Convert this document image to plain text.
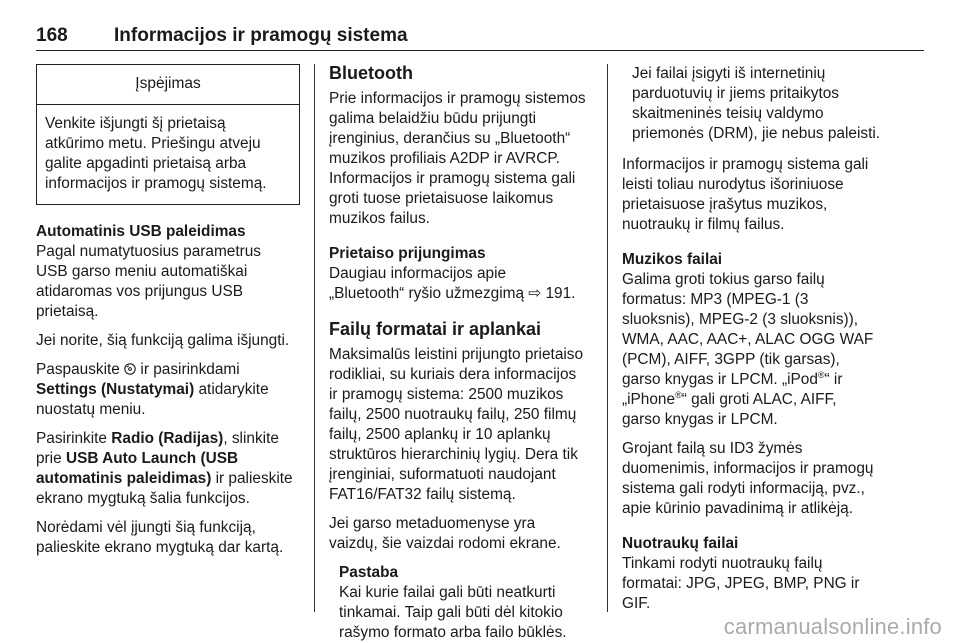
168 Informacijos ir pramogų sistema
Įspėjimas
Venkite išjungti šį prietaisą
atkūrimo metu. Priešingu atveju
galite apgadinti prietaisą arba
informacijos ir pramogų sistemą.
Automatinis USB paleidimas

Pagal numatytuosius parametrus
USB garso meniu automatiškai
atidaromas vos prijungus USB
prietaisą.

Jei norite, šią funkciją galima išjungti.

Paspauskite ir pasirinkdami
Settings (Nustatymai) atidarykite
nuostatų meniu.

Pasirinkite Radio (Radijas), slinkite
prie USB Auto Launch (USB
automatinis paleidimas) ir palieskite
ekrano mygtuką šalia funkcijos.

Norėdami vėl įjungti šią funkciją,
palieskite ekrano mygtuką dar kartą.

Bluetooth

Prie informacijos ir pramogų sistemos
galima belaidžiu būdu prijungti
įrenginius, derančius su „Bluetooth“
muzikos profiliais A2DP ir AVRCP.
Informacijos ir pramogų sistema gali
groti tuose prietaisuose laikomus
muzikos failus.

Prietaiso prijungimas

Daugiau informacijos apie
„Bluetooth“ ryšio užmezgimą ⇨ 191.

Failų formatai ir aplankai

Maksimalūs leistini prijungto prietaiso
rodikliai, su kuriais dera informacijos
ir pramogų sistema: 2500 muzikos
failų, 2500 nuotraukų failų, 250 filmų
failų, 2500 aplankų ir 10 aplankų
struktūros hierarchinių lygių. Dera tik
įrenginiai, suformatuoti naudojant
FAT16/FAT32 failų sistemą.

Jei garso metaduomenyse yra
vaizdų, šie vaizdai rodomi ekrane.

Pastaba
Kai kurie failai gali būti neatkurti
tinkamai. Taip gali būti dėl kitokio
rašymo formato arba failo būklės.
Jei failai įsigyti iš internetinių
parduotuvių ir jiems pritaikytos
skaitmeninės teisių valdymo
priemonės (DRM), jie nebus paleisti.

Informacijos ir pramogų sistema gali
leisti toliau nurodytus išoriniuose
prietaisuose įrašytus muzikos,
nuotraukų ir filmų failus.

Muzikos failai

Galima groti tokius garso failų
formatus: MP3 (MPEG-1 (3
sluoksnis), MPEG-2 (3 sluoksnis)),
WMA, AAC, AAC+, ALAC OGG WAF
(PCM), AIFF, 3GPP (tik garsas),
garso knygas ir LPCM. „iPod®“ ir
„iPhone®“ gali groti ALAC, AIFF,
garso knygas ir LPCM.

Grojant failą su ID3 žymės
duomenimis, informacijos ir pramogų
sistema gali rodyti informaciją, pvz.,
apie kūrinio pavadinimą ir atlikėją.

Nuotraukų failai

Tinkami rodyti nuotraukų failų
formatai: JPG, JPEG, BMP, PNG ir
GIF.

carmanualsonline.info
